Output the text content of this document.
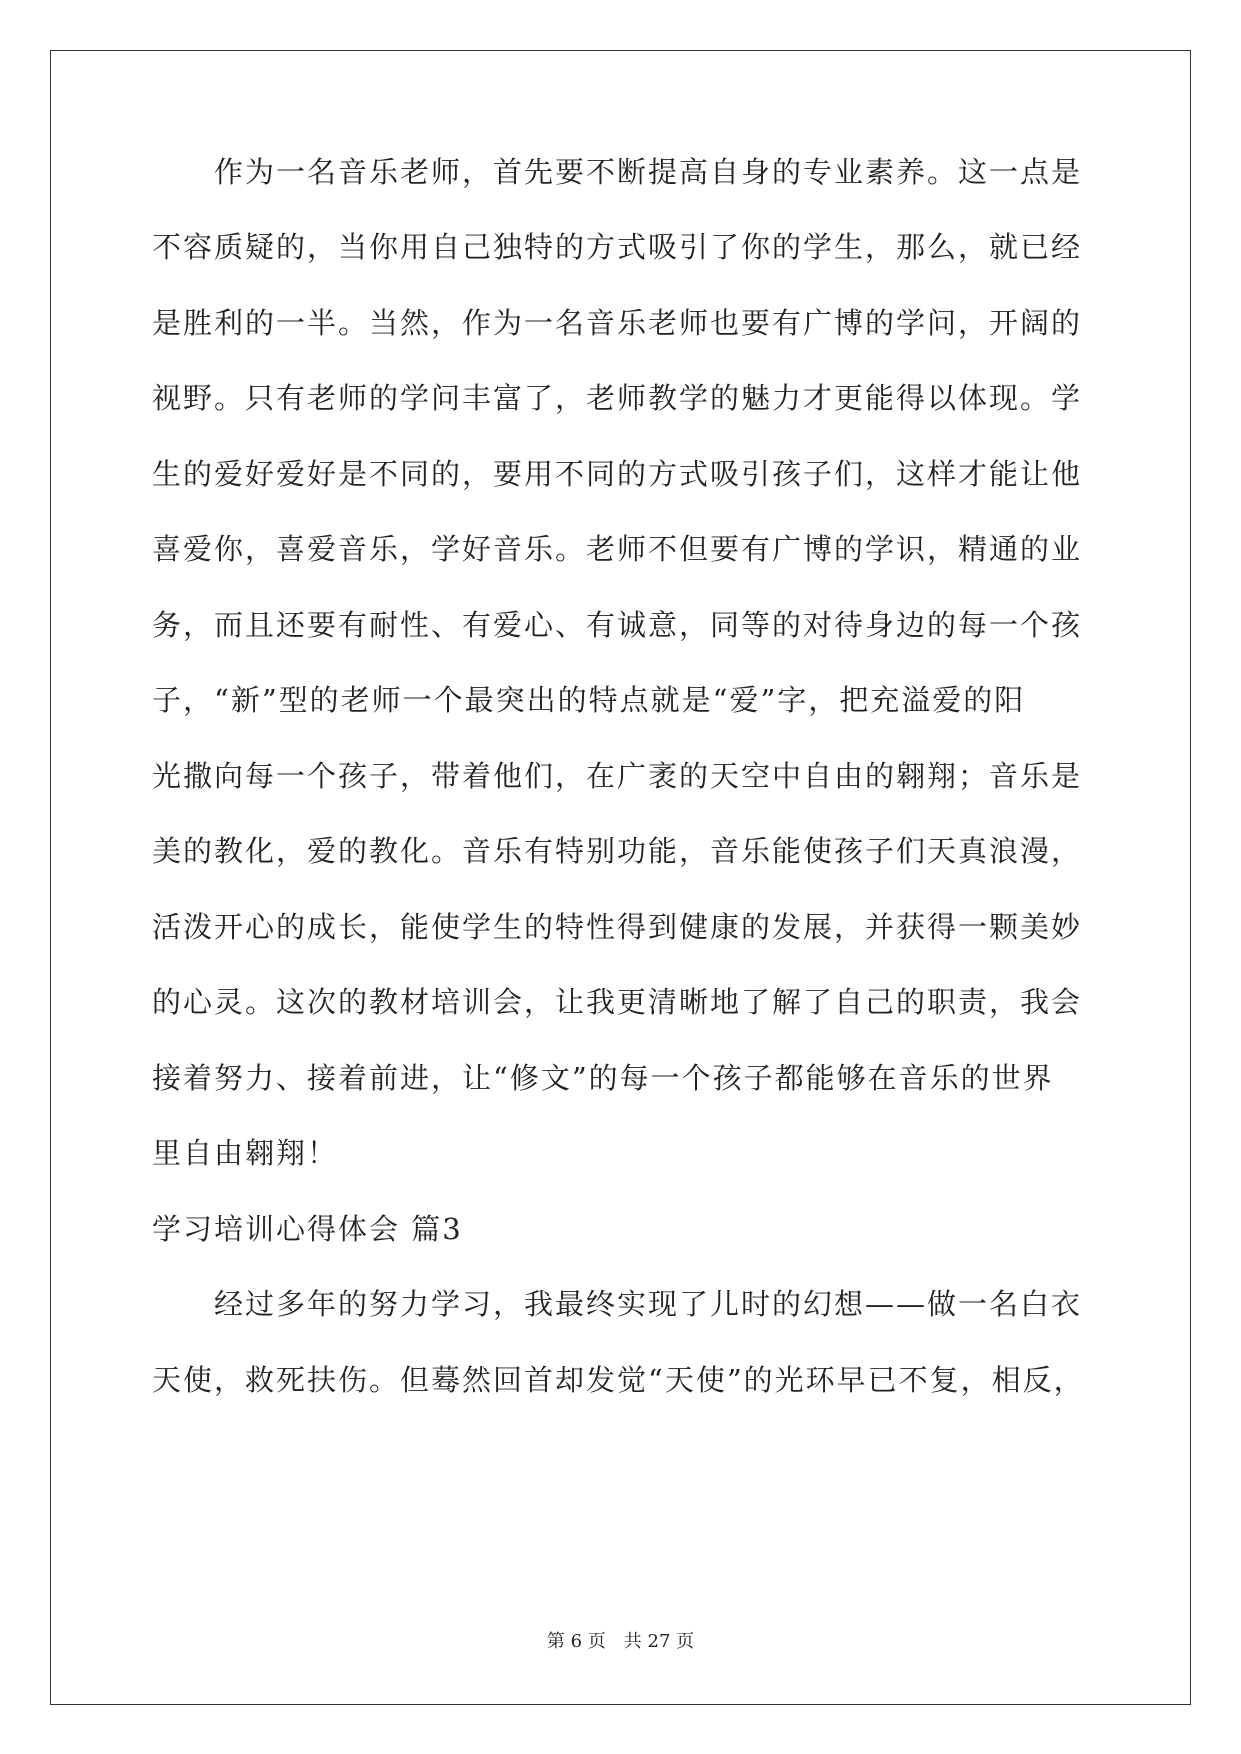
　　作为一名音乐老师，首先要不断提高自身的专业素养。这一点是
不容质疑的，当你用自己独特的方式吸引了你的学生，那么，就已经
是胜利的一半。当然，作为一名音乐老师也要有广博的学问，开阔的
视野。只有老师的学问丰富了，老师教学的魅力才更能得以体现。学
生的爱好爱好是不同的，要用不同的方式吸引孩子们，这样才能让他
喜爱你，喜爱音乐，学好音乐。老师不但要有广博的学识，精通的业
务，而且还要有耐性、有爱心、有诚意，同等的对待身边的每一个孩
子，“新”型的老师一个最突出的特点就是“爱”字，把充溢爱的阳
光撒向每一个孩子，带着他们，在广袤的天空中自由的翱翔；音乐是
美的教化，爱的教化。音乐有特别功能，音乐能使孩子们天真浪漫，
活泼开心的成长，能使学生的特性得到健康的发展，并获得一颗美妙
的心灵。这次的教材培训会，让我更清晰地了解了自己的职责，我会
接着努力、接着前进，让“修文”的每一个孩子都能够在音乐的世界
里自由翱翔！
学习培训心得体会 篇3
　　经过多年的努力学习，我最终实现了儿时的幻想——做一名白衣
天使，救死扶伤。但蓦然回首却发觉“天使”的光环早已不复，相反，
第 6 页　共 27 页
